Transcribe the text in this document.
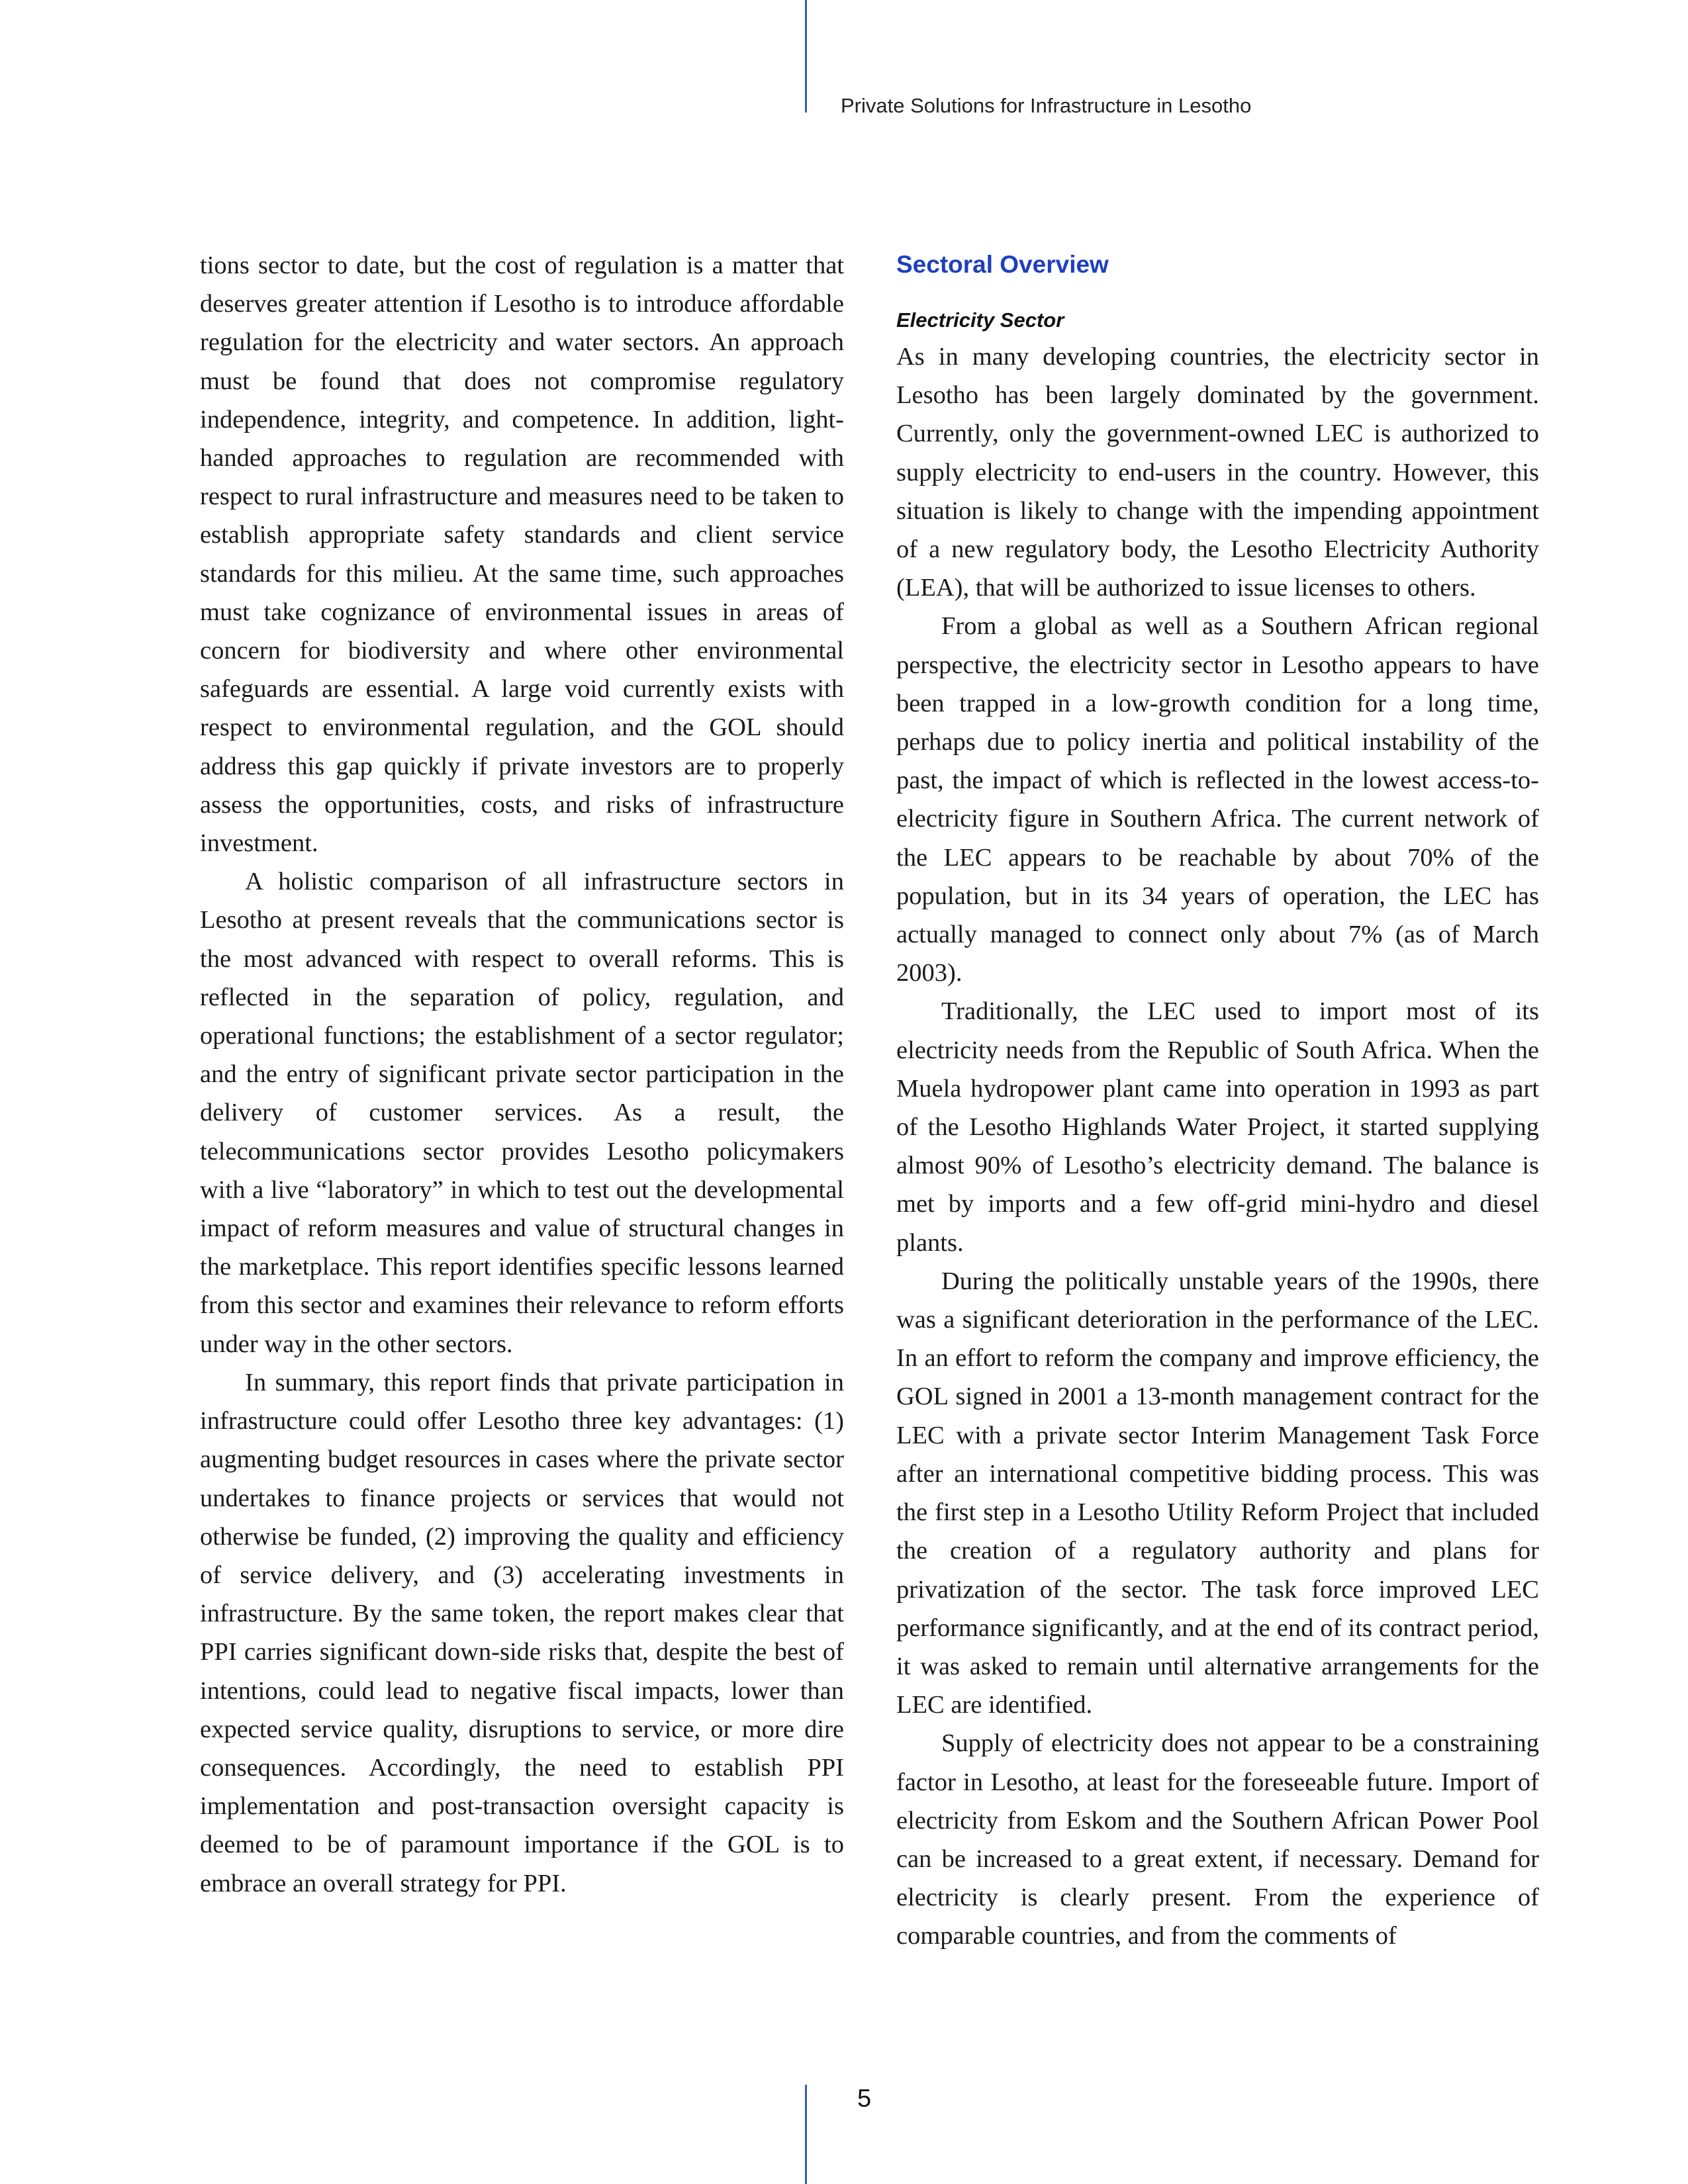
Private Solutions for Infrastructure in Lesotho

tions sector to date, but the cost of regulation is a matter that deserves greater attention if Lesotho is to introduce affordable regulation for the electricity and water sectors. An approach must be found that does not compromise regulatory independence, integrity, and competence. In addition, light-handed approaches to regulation are recommended with respect to rural infrastructure and measures need to be taken to establish appropriate safety standards and client service standards for this milieu. At the same time, such approaches must take cognizance of environmental issues in areas of concern for biodiversity and where other environmental safeguards are essential. A large void currently exists with respect to environmental regulation, and the GOL should address this gap quickly if private investors are to properly assess the opportunities, costs, and risks of infrastructure investment.

A holistic comparison of all infrastructure sectors in Lesotho at present reveals that the communications sector is the most advanced with respect to overall reforms. This is reflected in the separation of policy, regulation, and operational functions; the establishment of a sector regulator; and the entry of significant private sector participation in the delivery of customer services. As a result, the telecommunications sector provides Lesotho policymakers with a live “laboratory” in which to test out the developmental impact of reform measures and value of structural changes in the marketplace. This report identifies specific lessons learned from this sector and examines their relevance to reform efforts under way in the other sectors.

In summary, this report finds that private participation in infrastructure could offer Lesotho three key advantages: (1) augmenting budget resources in cases where the private sector undertakes to finance projects or services that would not otherwise be funded, (2) improving the quality and efficiency of service delivery, and (3) accelerating investments in infrastructure. By the same token, the report makes clear that PPI carries significant down-side risks that, despite the best of intentions, could lead to negative fiscal impacts, lower than expected service quality, disruptions to service, or more dire consequences. Accordingly, the need to establish PPI implementation and post-transaction oversight capacity is deemed to be of paramount importance if the GOL is to embrace an overall strategy for PPI.

Sectoral Overview
Electricity Sector

As in many developing countries, the electricity sector in Lesotho has been largely dominated by the government. Currently, only the government-owned LEC is authorized to supply electricity to end-users in the country. However, this situation is likely to change with the impending appointment of a new regulatory body, the Lesotho Electricity Authority (LEA), that will be authorized to issue licenses to others.

From a global as well as a Southern African regional perspective, the electricity sector in Lesotho appears to have been trapped in a low-growth condition for a long time, perhaps due to policy inertia and political instability of the past, the impact of which is reflected in the lowest access-to-electricity figure in Southern Africa. The current network of the LEC appears to be reachable by about 70% of the population, but in its 34 years of operation, the LEC has actually managed to connect only about 7% (as of March 2003).

Traditionally, the LEC used to import most of its electricity needs from the Republic of South Africa. When the Muela hydropower plant came into operation in 1993 as part of the Lesotho Highlands Water Project, it started supplying almost 90% of Lesotho’s electricity demand. The balance is met by imports and a few off-grid mini-hydro and diesel plants.

During the politically unstable years of the 1990s, there was a significant deterioration in the performance of the LEC. In an effort to reform the company and improve efficiency, the GOL signed in 2001 a 13-month management contract for the LEC with a private sector Interim Management Task Force after an international competitive bidding process. This was the first step in a Lesotho Utility Reform Project that included the creation of a regulatory authority and plans for privatization of the sector. The task force improved LEC performance significantly, and at the end of its contract period, it was asked to remain until alternative arrangements for the LEC are identified.

Supply of electricity does not appear to be a constraining factor in Lesotho, at least for the foreseeable future. Import of electricity from Eskom and the Southern African Power Pool can be increased to a great extent, if necessary. Demand for electricity is clearly present. From the experience of comparable countries, and from the comments of

5
